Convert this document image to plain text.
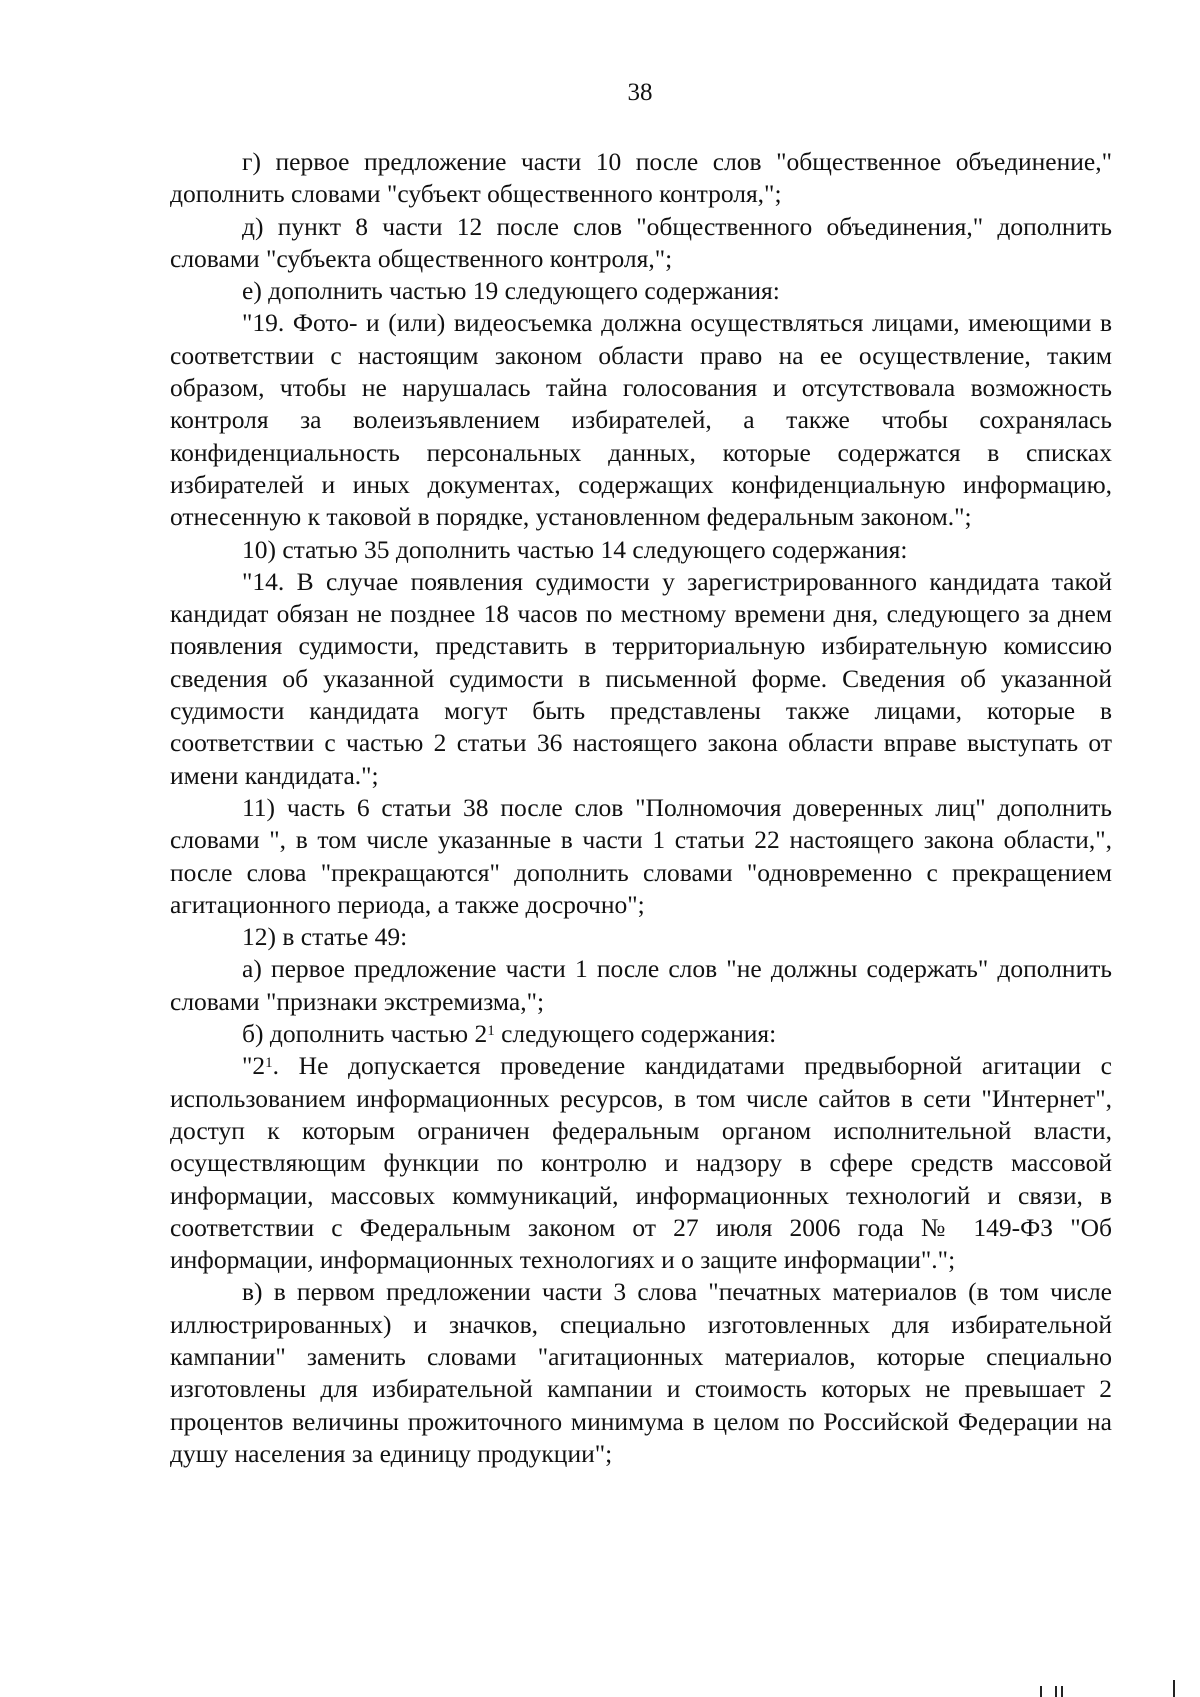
38

г) первое предложение части 10 после слов "общественное объединение," дополнить словами "субъект общественного контроля,";

д) пункт 8 части 12 после слов "общественного объединения," дополнить словами "субъекта общественного контроля,";

е) дополнить частью 19 следующего содержания:

"19. Фото- и (или) видеосъемка должна осуществляться лицами, имеющими в соответствии с настоящим законом области право на ее осуществление, таким образом, чтобы не нарушалась тайна голосования и отсутствовала возможность контроля за волеизъявлением избирателей, а также чтобы сохранялась конфиденциальность персональных данных, которые содержатся в списках избирателей и иных документах, содержащих конфиденциальную информацию, отнесенную к таковой в порядке, установленном федеральным законом.";

10) статью 35 дополнить частью 14 следующего содержания:

"14. В случае появления судимости у зарегистрированного кандидата такой кандидат обязан не позднее 18 часов по местному времени дня, следующего за днем появления судимости, представить в территориальную избирательную комиссию сведения об указанной судимости в письменной форме. Сведения об указанной судимости кандидата могут быть представлены также лицами, которые в соответствии с частью 2 статьи 36 настоящего закона области вправе выступать от имени кандидата.";

11) часть 6 статьи 38 после слов "Полномочия доверенных лиц" дополнить словами ", в том числе указанные в части 1 статьи 22 настоящего закона области,", после слова "прекращаются" дополнить словами "одновременно с прекращением агитационного периода, а также досрочно";

12) в статье 49:

а) первое предложение части 1 после слов "не должны содержать" дополнить словами "признаки экстремизма,";

б) дополнить частью $2^1$ следующего содержания:

"$2^1$. Не допускается проведение кандидатами предвыборной агитации с использованием информационных ресурсов, в том числе сайтов в сети "Интернет", доступ к которым ограничен федеральным органом исполнительной власти, осуществляющим функции по контролю и надзору в сфере средств массовой информации, массовых коммуникаций, информационных технологий и связи, в соответствии с Федеральным законом от 27 июля 2006 года № 149-ФЗ "Об информации, информационных технологиях и о защите информации".";

в) в первом предложении части 3 слова "печатных материалов (в том числе иллюстрированных) и значков, специально изготовленных для избирательной кампании" заменить словами "агитационных материалов, которые специально изготовлены для избирательной кампании и стоимость которых не превышает 2 процентов величины прожиточного минимума в целом по Российской Федерации на душу населения за единицу продукции";
